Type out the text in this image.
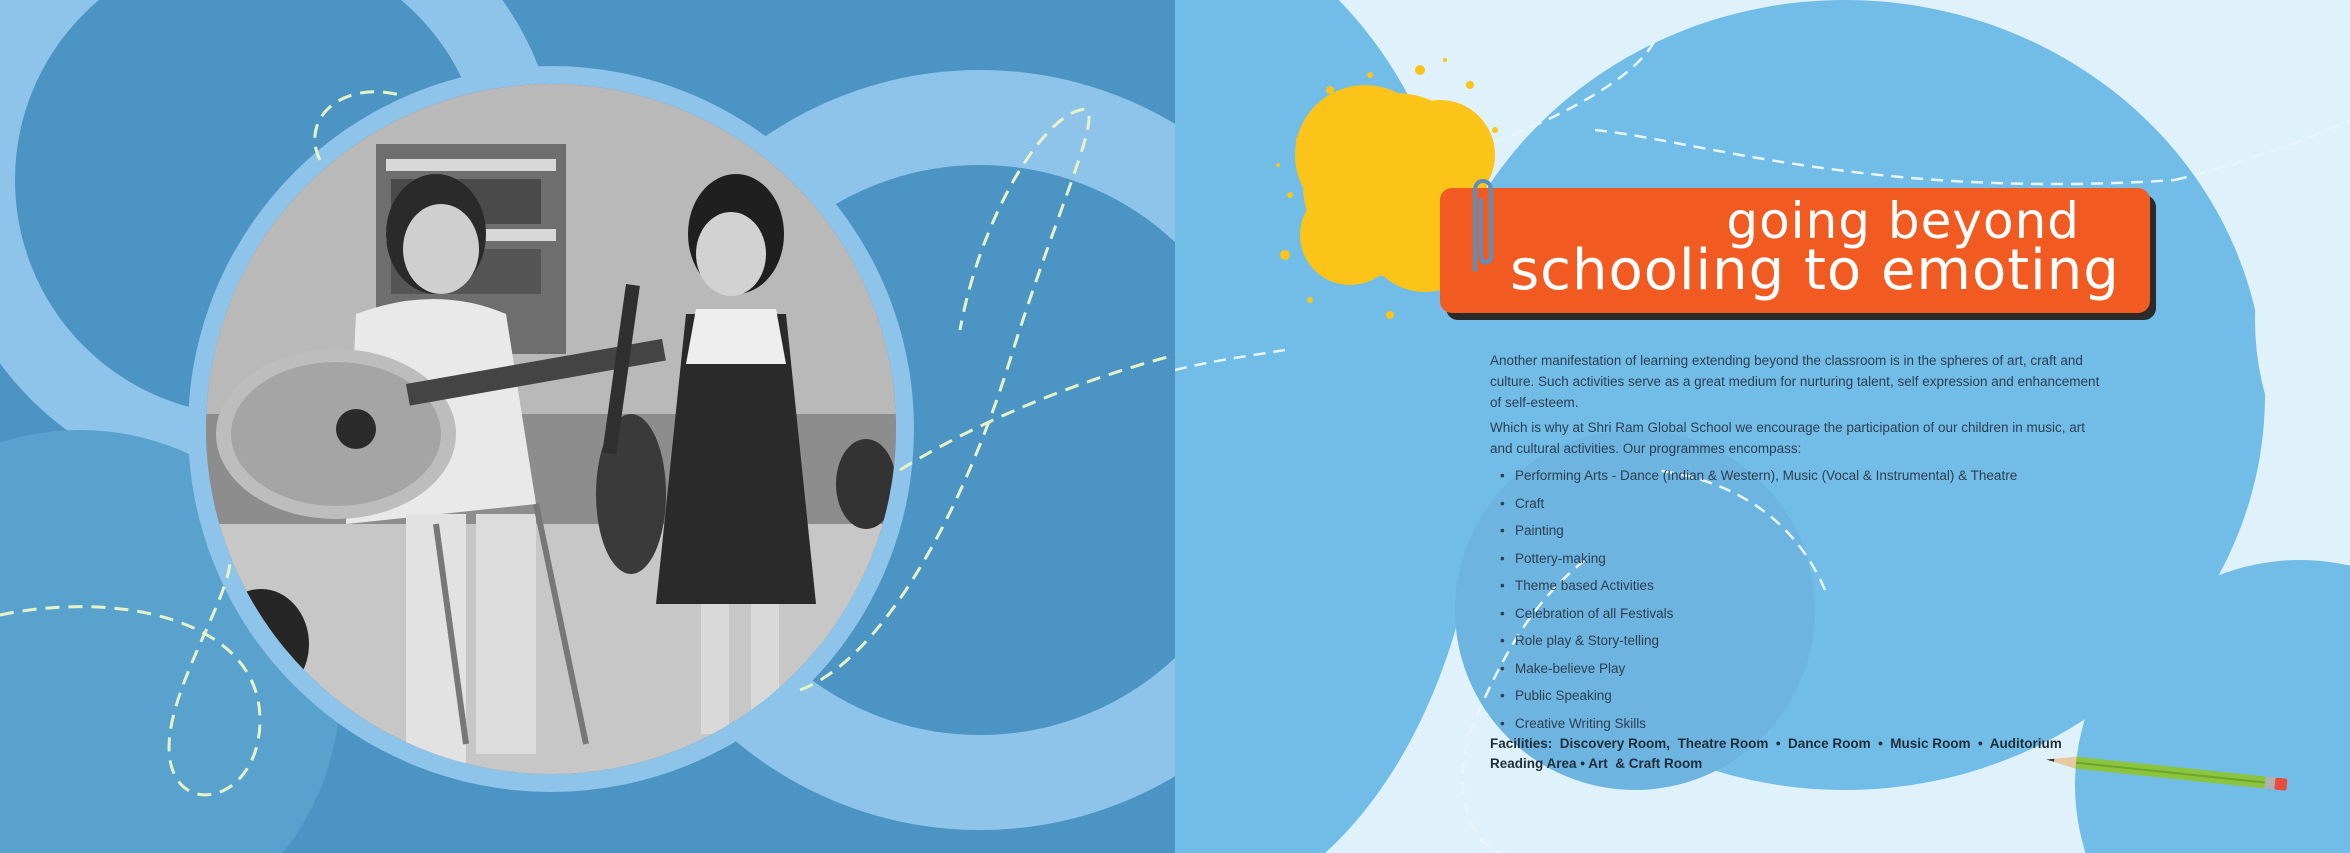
going beyond
schooling to emoting

Another manifestation of learning extending beyond the classroom is in the spheres of art, craft and culture. Such activities serve as a great medium for nurturing talent, self expression and enhancement of self-esteem.

Which is why at Shri Ram Global School we encourage the participation of our children in music, art and cultural activities. Our programmes encompass:

• Performing Arts - Dance (Indian & Western), Music (Vocal & Instrumental) & Theatre
• Craft
• Painting
• Pottery-making
• Theme based Activities
• Celebration of all Festivals
• Role play & Story-telling
• Make-believe Play
• Public Speaking
• Creative Writing Skills
Facilities:  Discovery Room,  Theatre Room  •  Dance Room  •  Music Room  •  Auditorium
Reading Area • Art  & Craft Room
